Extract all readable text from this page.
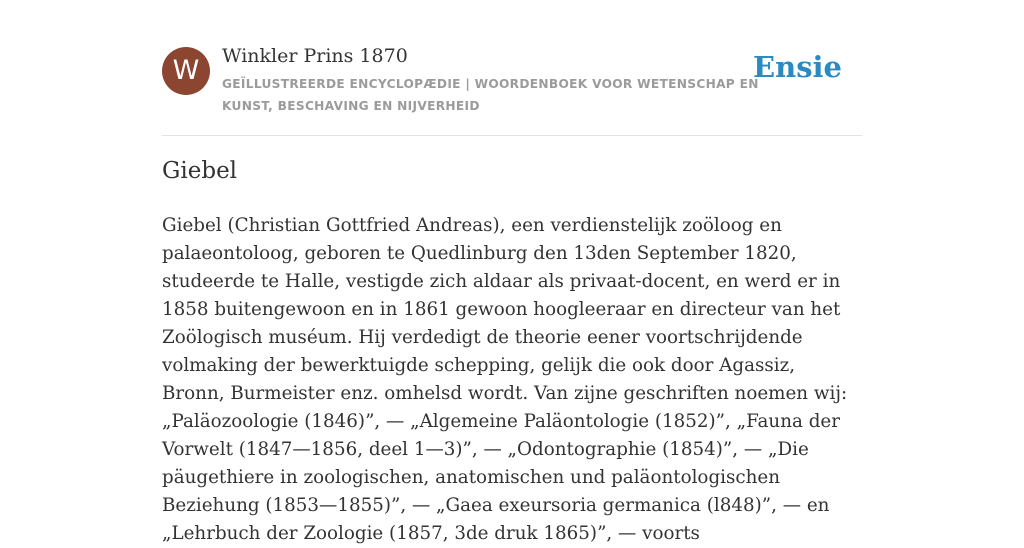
W	Winkler Prins 1870
GEÏLLUSTREERDE ENCYCLOPÆDIE | WOORDENBOEK VOOR WETENSCHAP EN KUNST, BESCHAVING EN NIJVERHEID
Ensie
Giebel

Giebel (Christian Gottfried Andreas), een verdienstelijk zoöloog en palaeontoloog, geboren te Quedlinburg den 13den September 1820, studeerde te Halle, vestigde zich aldaar als privaat-docent, en werd er in 1858 buitengewoon en in 1861 gewoon hoogleeraar en directeur van het Zoölogisch muséum. Hij verdedigt de theorie eener voortschrijdende volmaking der bewerktuigde schepping, gelijk die ook door Agassiz, Bronn, Burmeister enz. omhelsd wordt. Van zijne geschriften noemen wij: „Paläozoologie (1846)”, — „Algemeine Paläontologie (1852)”, „Fauna der Vorwelt (1847—1856, deel 1—3)”, — „Odontographie (1854)”, — „Die päugethiere in zoologischen, anatomischen und paläontologischen Beziehung (1853—1855)”, — „Gaea exeursoria germanica (l848)”, — en „Lehrbuch der Zoologie (1857, 3de druk 1865)”, — voorts
